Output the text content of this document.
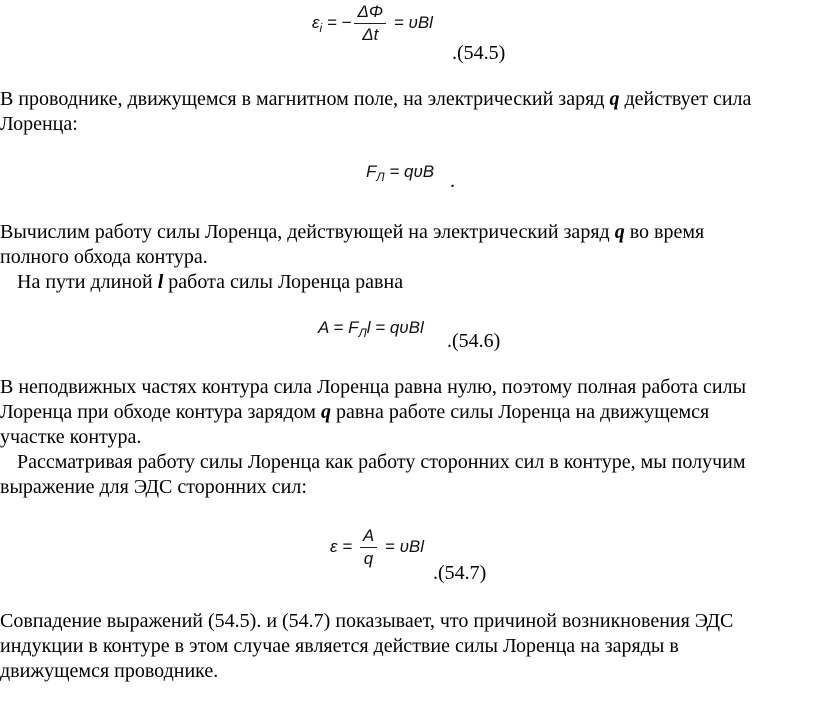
$\varepsilon_i$ = − $\frac{\Delta\Phi}{\Delta t} = \upsilon Bl$
.(54.5)

В проводнике, движущемся в магнитном поле, на электрический заряд q действует сила
Лоренца:

$F_Л = q\upsilon B$ .

Вычислим работу силы Лоренца, действующей на электрический заряд q во время
полного обхода контура.
На пути длиной l работа силы Лоренца равна

$A = F_Лl = q\upsilon Bl$
.(54.6)

В неподвижных частях контура сила Лоренца равна нулю, поэтому полная работа силы
Лоренца при обходе контура зарядом q равна работе силы Лоренца на движущемся
участке контура.
Рассматривая работу силы Лоренца как работу сторонних сил в контуре, мы получим
выражение для ЭДС сторонних сил:

$\varepsilon = \frac{A}{q} = \upsilon Bl$
.(54.7)

Совпадение выражений (54.5). и (54.7) показывает, что причиной возникновения ЭДС
индукции в контуре в этом случае является действие силы Лоренца на заряды в
движущемся проводнике.
